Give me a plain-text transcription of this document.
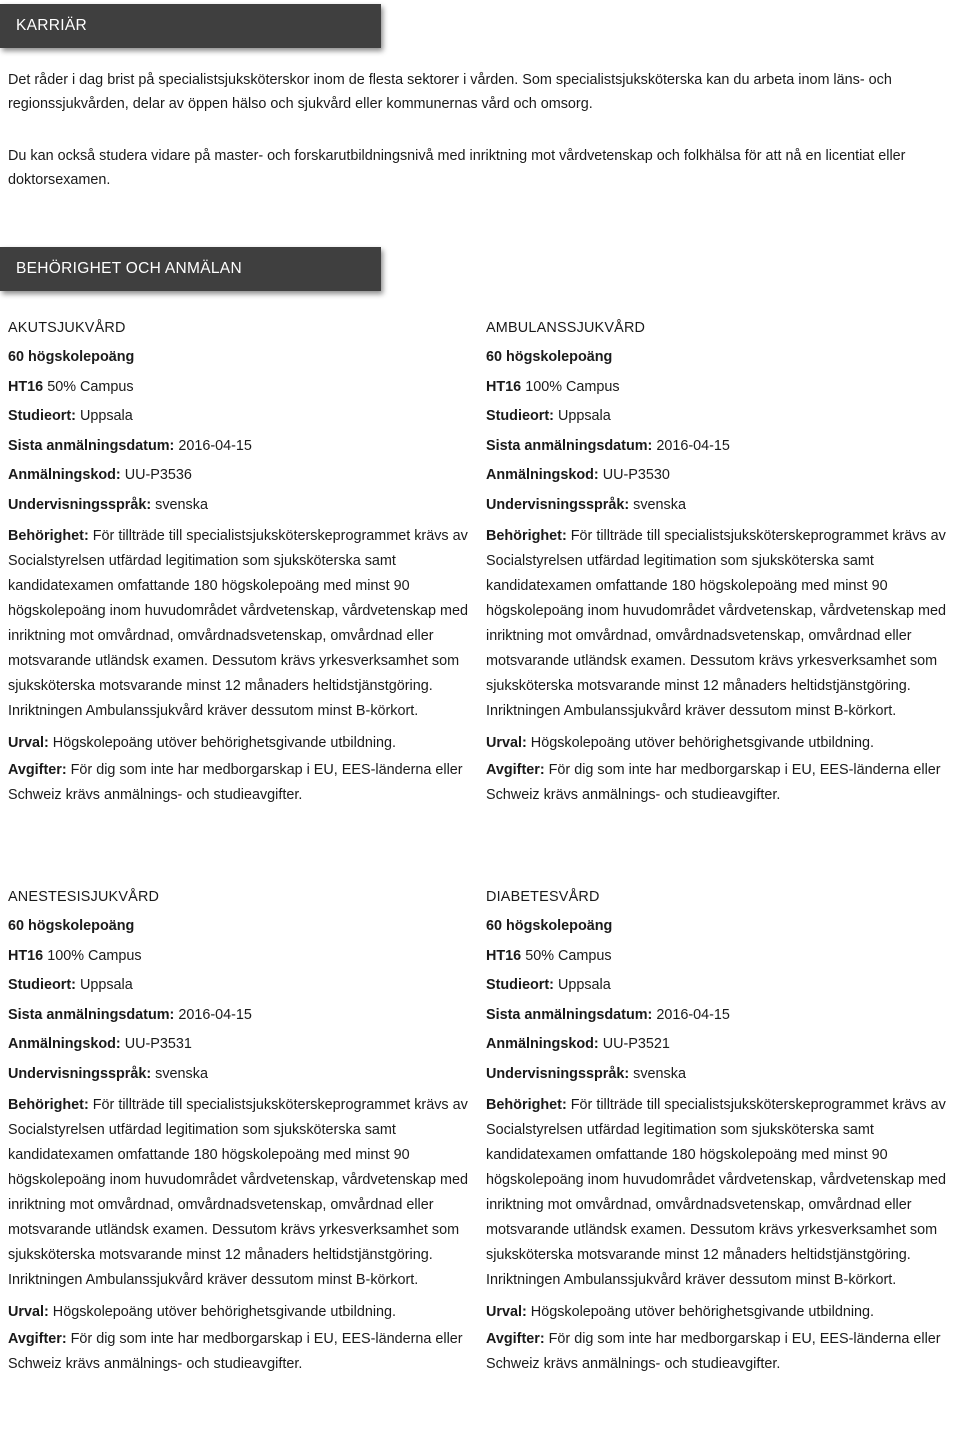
KARRIÄR

Det råder i dag brist på specialistsjuksköterskor inom de flesta sektorer i vården. Som specialistsjuksköterska kan du arbeta inom läns- och regionssjukvården, delar av öppen hälso och sjukvård eller kommunernas vård och omsorg.

Du kan också studera vidare på master- och forskarutbildningsnivå med inriktning mot vårdvetenskap och folkhälsa för att nå en licentiat eller doktorsexamen.

BEHÖRIGHET OCH ANMÄLAN
AKUTSJUKVÅRD
60 högskolepoäng
HT16 50% Campus
Studieort: Uppsala
Sista anmälningsdatum: 2016-04-15
Anmälningskod: UU-P3536
Undervisningsspråk: svenska

Behörighet: För tillträde till specialistsjuksköterskeprogrammet krävs av Socialstyrelsen utfärdad legitimation som sjuksköterska samt kandidatexamen omfattande 180 högskolepoäng med minst 90 högskolepoäng inom huvudområdet vårdvetenskap, vårdvetenskap med inriktning mot omvårdnad, omvårdnadsvetenskap, omvårdnad eller motsvarande utländsk examen. Dessutom krävs yrkesverksamhet som sjuksköterska motsvarande minst 12 månaders heltidstjänstgöring. Inriktningen Ambulanssjukvård kräver dessutom minst B-körkort.

Urval: Högskolepoäng utöver behörighetsgivande utbildning.

Avgifter: För dig som inte har medborgarskap i EU, EES-länderna eller Schweiz krävs anmälnings- och studieavgifter.

AMBULANSSJUKVÅRD
60 högskolepoäng
HT16 100% Campus
Studieort: Uppsala
Sista anmälningsdatum: 2016-04-15
Anmälningskod: UU-P3530
Undervisningsspråk: svenska

Behörighet: För tillträde till specialistsjuksköterskeprogrammet krävs av Socialstyrelsen utfärdad legitimation som sjuksköterska samt kandidatexamen omfattande 180 högskolepoäng med minst 90 högskolepoäng inom huvudområdet vårdvetenskap, vårdvetenskap med inriktning mot omvårdnad, omvårdnadsvetenskap, omvårdnad eller motsvarande utländsk examen. Dessutom krävs yrkesverksamhet som sjuksköterska motsvarande minst 12 månaders heltidstjänstgöring. Inriktningen Ambulanssjukvård kräver dessutom minst B-körkort.

Urval: Högskolepoäng utöver behörighetsgivande utbildning.

Avgifter: För dig som inte har medborgarskap i EU, EES-länderna eller Schweiz krävs anmälnings- och studieavgifter.

ANESTESISJUKVÅRD
60 högskolepoäng
HT16 100% Campus
Studieort: Uppsala
Sista anmälningsdatum: 2016-04-15
Anmälningskod: UU-P3531
Undervisningsspråk: svenska

Behörighet: För tillträde till specialistsjuksköterskeprogrammet krävs av Socialstyrelsen utfärdad legitimation som sjuksköterska samt kandidatexamen omfattande 180 högskolepoäng med minst 90 högskolepoäng inom huvudområdet vårdvetenskap, vårdvetenskap med inriktning mot omvårdnad, omvårdnadsvetenskap, omvårdnad eller motsvarande utländsk examen. Dessutom krävs yrkesverksamhet som sjuksköterska motsvarande minst 12 månaders heltidstjänstgöring. Inriktningen Ambulanssjukvård kräver dessutom minst B-körkort.

Urval: Högskolepoäng utöver behörighetsgivande utbildning.

Avgifter: För dig som inte har medborgarskap i EU, EES-länderna eller Schweiz krävs anmälnings- och studieavgifter.

DIABETESVÅRD
60 högskolepoäng
HT16 50% Campus
Studieort: Uppsala
Sista anmälningsdatum: 2016-04-15
Anmälningskod: UU-P3521
Undervisningsspråk: svenska

Behörighet: För tillträde till specialistsjuksköterskeprogrammet krävs av Socialstyrelsen utfärdad legitimation som sjuksköterska samt kandidatexamen omfattande 180 högskolepoäng med minst 90 högskolepoäng inom huvudområdet vårdvetenskap, vårdvetenskap med inriktning mot omvårdnad, omvårdnadsvetenskap, omvårdnad eller motsvarande utländsk examen. Dessutom krävs yrkesverksamhet som sjuksköterska motsvarande minst 12 månaders heltidstjänstgöring. Inriktningen Ambulanssjukvård kräver dessutom minst B-körkort.

Urval: Högskolepoäng utöver behörighetsgivande utbildning.

Avgifter: För dig som inte har medborgarskap i EU, EES-länderna eller Schweiz krävs anmälnings- och studieavgifter.
